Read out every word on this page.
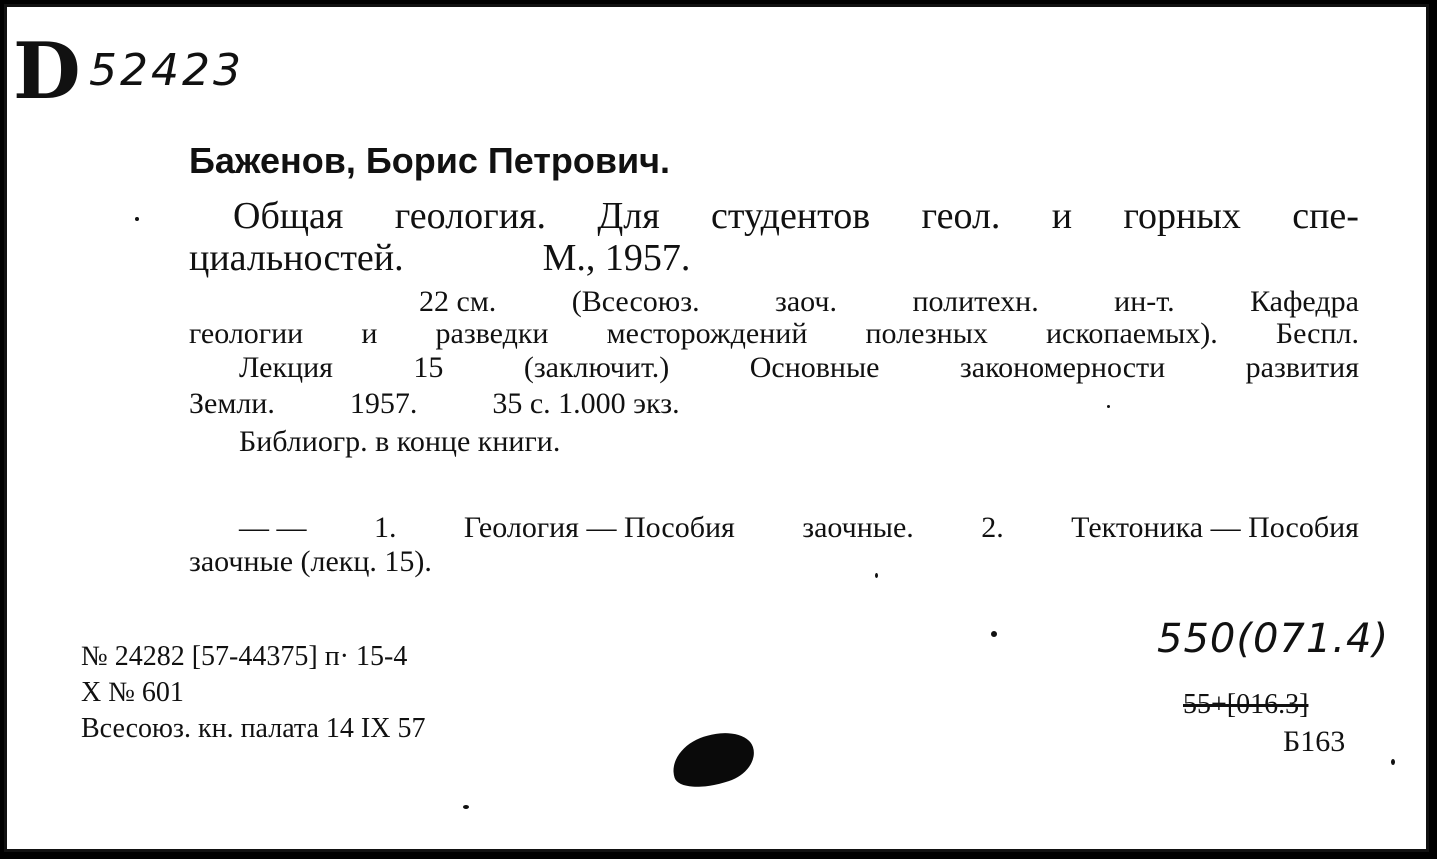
D 52423
Баженов, Борис Петрович.
Общая геология. Для студентов геол. и горных спе-
циальностей.	М., 1957.
22 см.	(Всесоюз.	заоч.	политехн.	ин-т.	Кафедра
геологии и разведки месторождений полезных ископаемых). Беспл.
Лекция	15	(заключит.)	Основные	закономерности	развития
Земли.	1957.	35 с. 1.000 экз.
Библиогр. в конце книги.
— — 1. Геология — Пособия заочные. 2. Тектоника — Пособия
заочные (лекц. 15).
№ 24282 [57-44375] п· 15-4
Х № 601
Всесоюз. кн. палата 14 IX 57
550(071.4)
55+[016.3]
Б163
